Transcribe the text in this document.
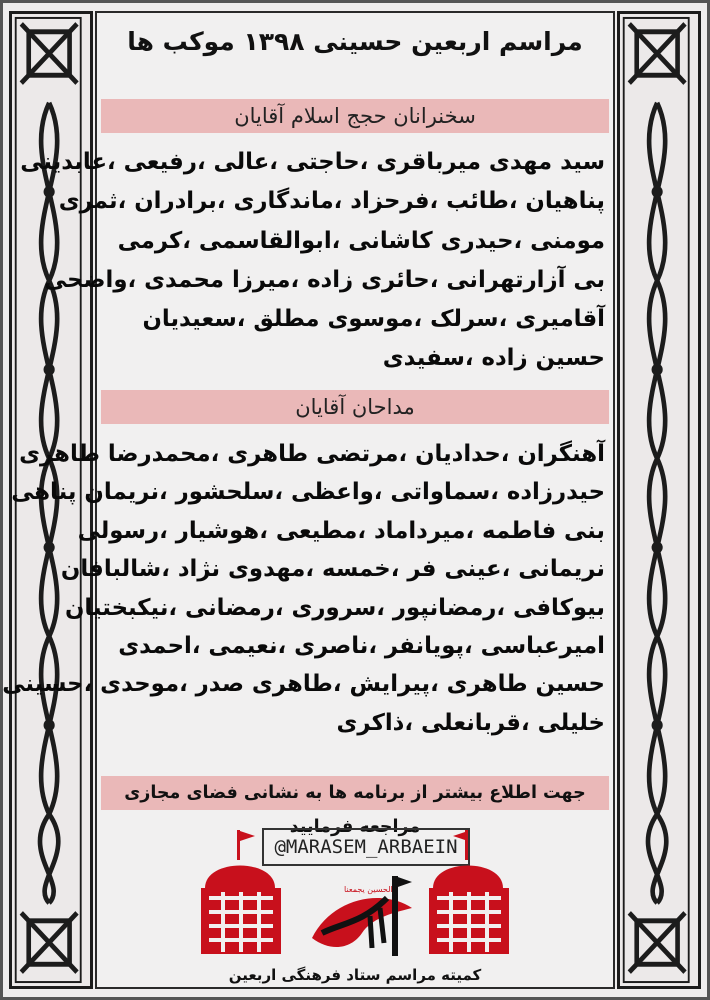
مراسم اربعین حسینی ۱۳۹۸ موکب ها
سخنرانان حجج اسلام آقایان
سید مهدی میرباقری ،حاجتی ،عالی ،رفیعی ،عابدینی
پناهیان ،طائب ،فرحزاد ،ماندگاری ،برادران ،ثمری
مومنی ،حیدری کاشانی ،ابوالقاسمی ،کرمی
بی آزارتهرانی ،حائری زاده ،میرزا محمدی ،واضحی
آقامیری ،سرلک ،موسوی مطلق ،سعیدیان
حسین زاده ،سفیدی
مداحان آقایان
آهنگران ،حدادیان ،مرتضی طاهری ،محمدرضا طاهری
حیدرزاده ،سماواتی ،واعظی ،سلحشور ،نریمان پناهی
بنی فاطمه ،میرداماد ،مطیعی ،هوشیار ،رسولی
نریمانی ،عینی فر ،خمسه ،مهدوی نژاد ،شالبافان
بیوکافی ،رمضانپور ،سروری ،رمضانی ،نیکبختیان
امیرعباسی ،پویانفر ،ناصری ،نعیمی ،احمدی
حسین طاهری ،پیرایش ،طاهری صدر ،موحدی ،حسینی
خلیلی ،قربانعلی ،ذاکری
جهت اطلاع بیشتر از برنامه ها به نشانی فضای مجازی مراجعه فرمایید
@MARASEM_ARBAEIN
الحسین یجمعنا
اربعین
کمیته مراسم ستاد فرهنگی اربعین
